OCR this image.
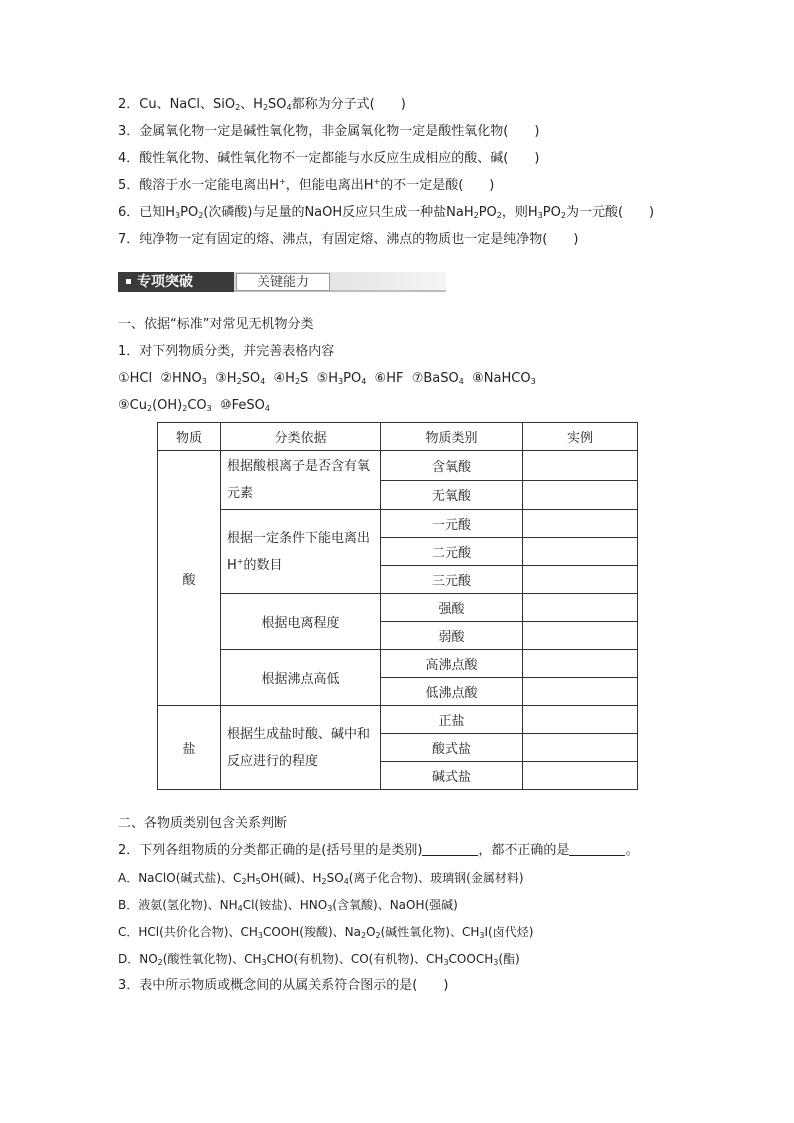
2．Cu、NaCl、SiO$_2$、$H_2SO_4$都称为分子式(　　)
3．金属氧化物一定是碱性氧化物，非金属氧化物一定是酸性氧化物(　　)
4．酸性氧化物、碱性氧化物不一定都能与水反应生成相应的酸、碱(　　)
5．酸溶于水一定能电离出H+，但能电离出H+的不一定是酸(　　)
6．已知$H_3PO_2$(次磷酸)与足量的NaOH反应只生成一种盐$NaH_2PO_2$，则$H_3PO_2$为一元酸(　　)
7．纯净物一定有固定的熔、沸点，有固定熔、沸点的物质也一定是纯净物(　　)
专项突破	关键能力
一、依据“标准”对常见无机物分类
1．对下列物质分类，并完善表格内容
①HCl $②HNO_3$ $③H_2SO_4$ $④H_2S$ $⑤H_3PO_4$ ⑥HF ⑦BaSO$_4$ ⑧NaHCO$_3$
$⑨Cu_2(OH)_2CO_3$ ⑩FeSO$_4$
物质	分类依据	物质类别	实例
酸	根据酸根离子是否含有氧元素	含氧酸	
		无氧酸	
	根据一定条件下能电离出H+的数目	一元酸	
		二元酸	
		三元酸	
	根据电离程度	强酸	
		弱酸	
	根据沸点高低	高沸点酸	
		低沸点酸	
盐	根据生成盐时酸、碱中和反应进行的程度	正盐	
		酸式盐	
		碱式盐	
二、各物质类别包含关系判断
2．下列各组物质的分类都正确的是(括号里的是类别)	，都不正确的是	。
A．NaClO(碱式盐)、$C_2H_5OH$(碱)、$H_2SO_4$(离子化合物)、玻璃钢(金属材料)
B．液氨(氢化物)、$NH_4Cl$(铵盐)、$HNO_3$(含氧酸)、NaOH(强碱)
C．HCl(共价化合物)、$CH_3COOH$(羧酸)、$Na_2O_2$(碱性氧化物)、$CH_3I$(卤代烃)
D．$NO_2$(酸性氧化物)、$CH_3CHO$(有机物)、CO(有机物)、$CH_3COOCH_3$(酯)
3．表中所示物质或概念间的从属关系符合图示的是(　　)
